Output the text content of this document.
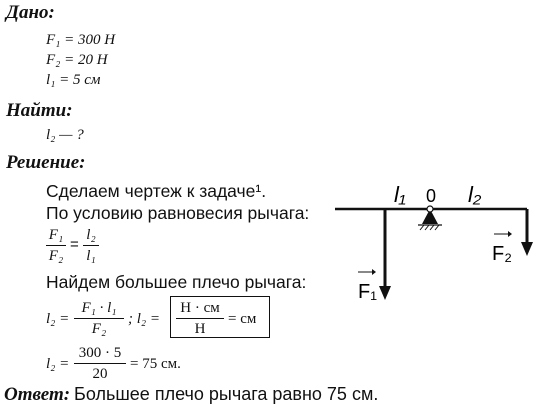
Дано:
F₁ = 300 Н
F₂ = 20 Н
l₁ = 5 см
Найти:
l₂ — ?
Решение:
Сделаем чертеж к задаче¹.
По условию равновесия рычага:
F₁
F₂
=
l₂
l₁
Найдем большее плечо рычага:
l₂ =
F₁ · l₁
F₂
; l₂ =
Н · см
Н
= см
l₂ =
300 · 5
20
= 75 см.
l₁ 0 l₂
F₁
F₂
Ответ: Большее плечо рычага равно 75 см.
